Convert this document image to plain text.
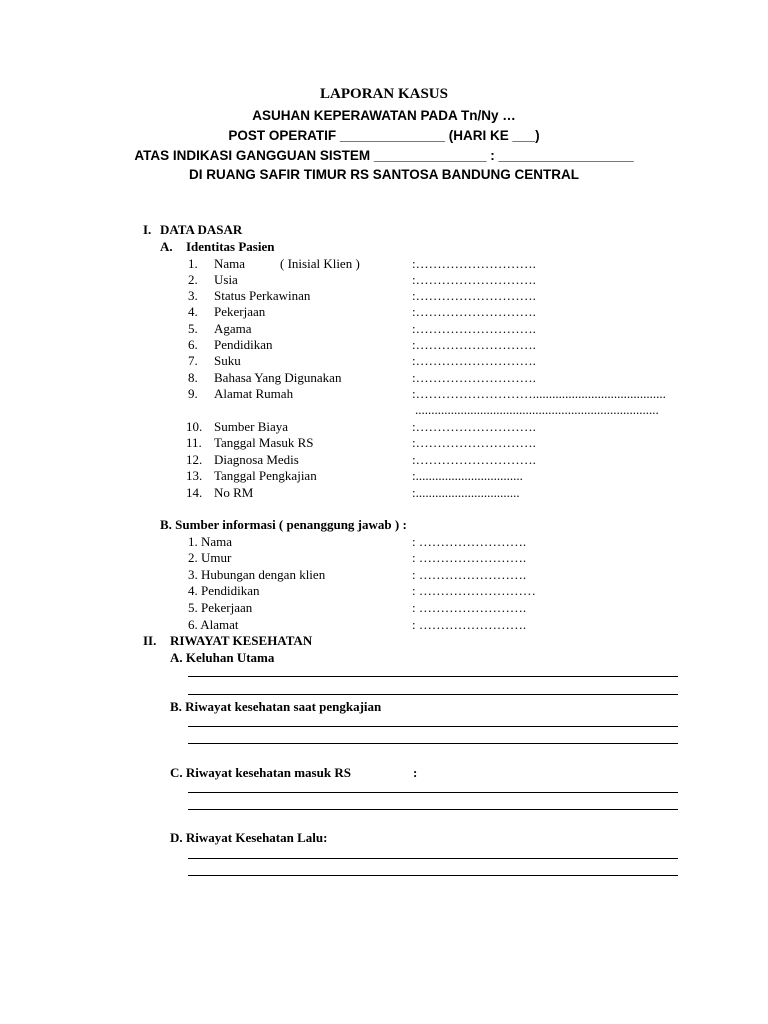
LAPORAN KASUS
ASUHAN KEPERAWATAN PADA Tn/Ny …
POST OPERATIF ______________ (HARI KE ___)
ATAS INDIKASI GANGGUAN SISTEM _______________ : __________________
DI RUANG SAFIR TIMUR RS SANTOSA BANDUNG CENTRAL
I. DATA DASAR
A. Identitas Pasien
1. Nama	( Inisial Klien )	:……………………….
2. Usia	:……………………….
3. Status Perkawinan	:……………………….
4. Pekerjaan	:……………………….
5. Agama	:……………………….
6. Pendidikan	:……………………….
7. Suku	:……………………….
8. Bahasa Yang Digunakan	:……………………….
9. Alamat Rumah	:……………………….........................................
...........................................................................
10. Sumber Biaya	:……………………….
11. Tanggal Masuk RS	:……………………….
12. Diagnosa Medis	:……………………….
13. Tanggal Pengkajian	:.................................
14. No RM	:................................
B. Sumber informasi ( penanggung jawab ) :
1. Nama	: …………………….
2. Umur	: …………………….
3. Hubungan dengan klien	: …………………….
4. Pendidikan	: ………………………
5. Pekerjaan	: …………………….
6. Alamat	: …………………….
II. RIWAYAT KESEHATAN
A. Keluhan Utama
B. Riwayat kesehatan saat pengkajian
C. Riwayat kesehatan masuk RS	:
D. Riwayat Kesehatan Lalu:
